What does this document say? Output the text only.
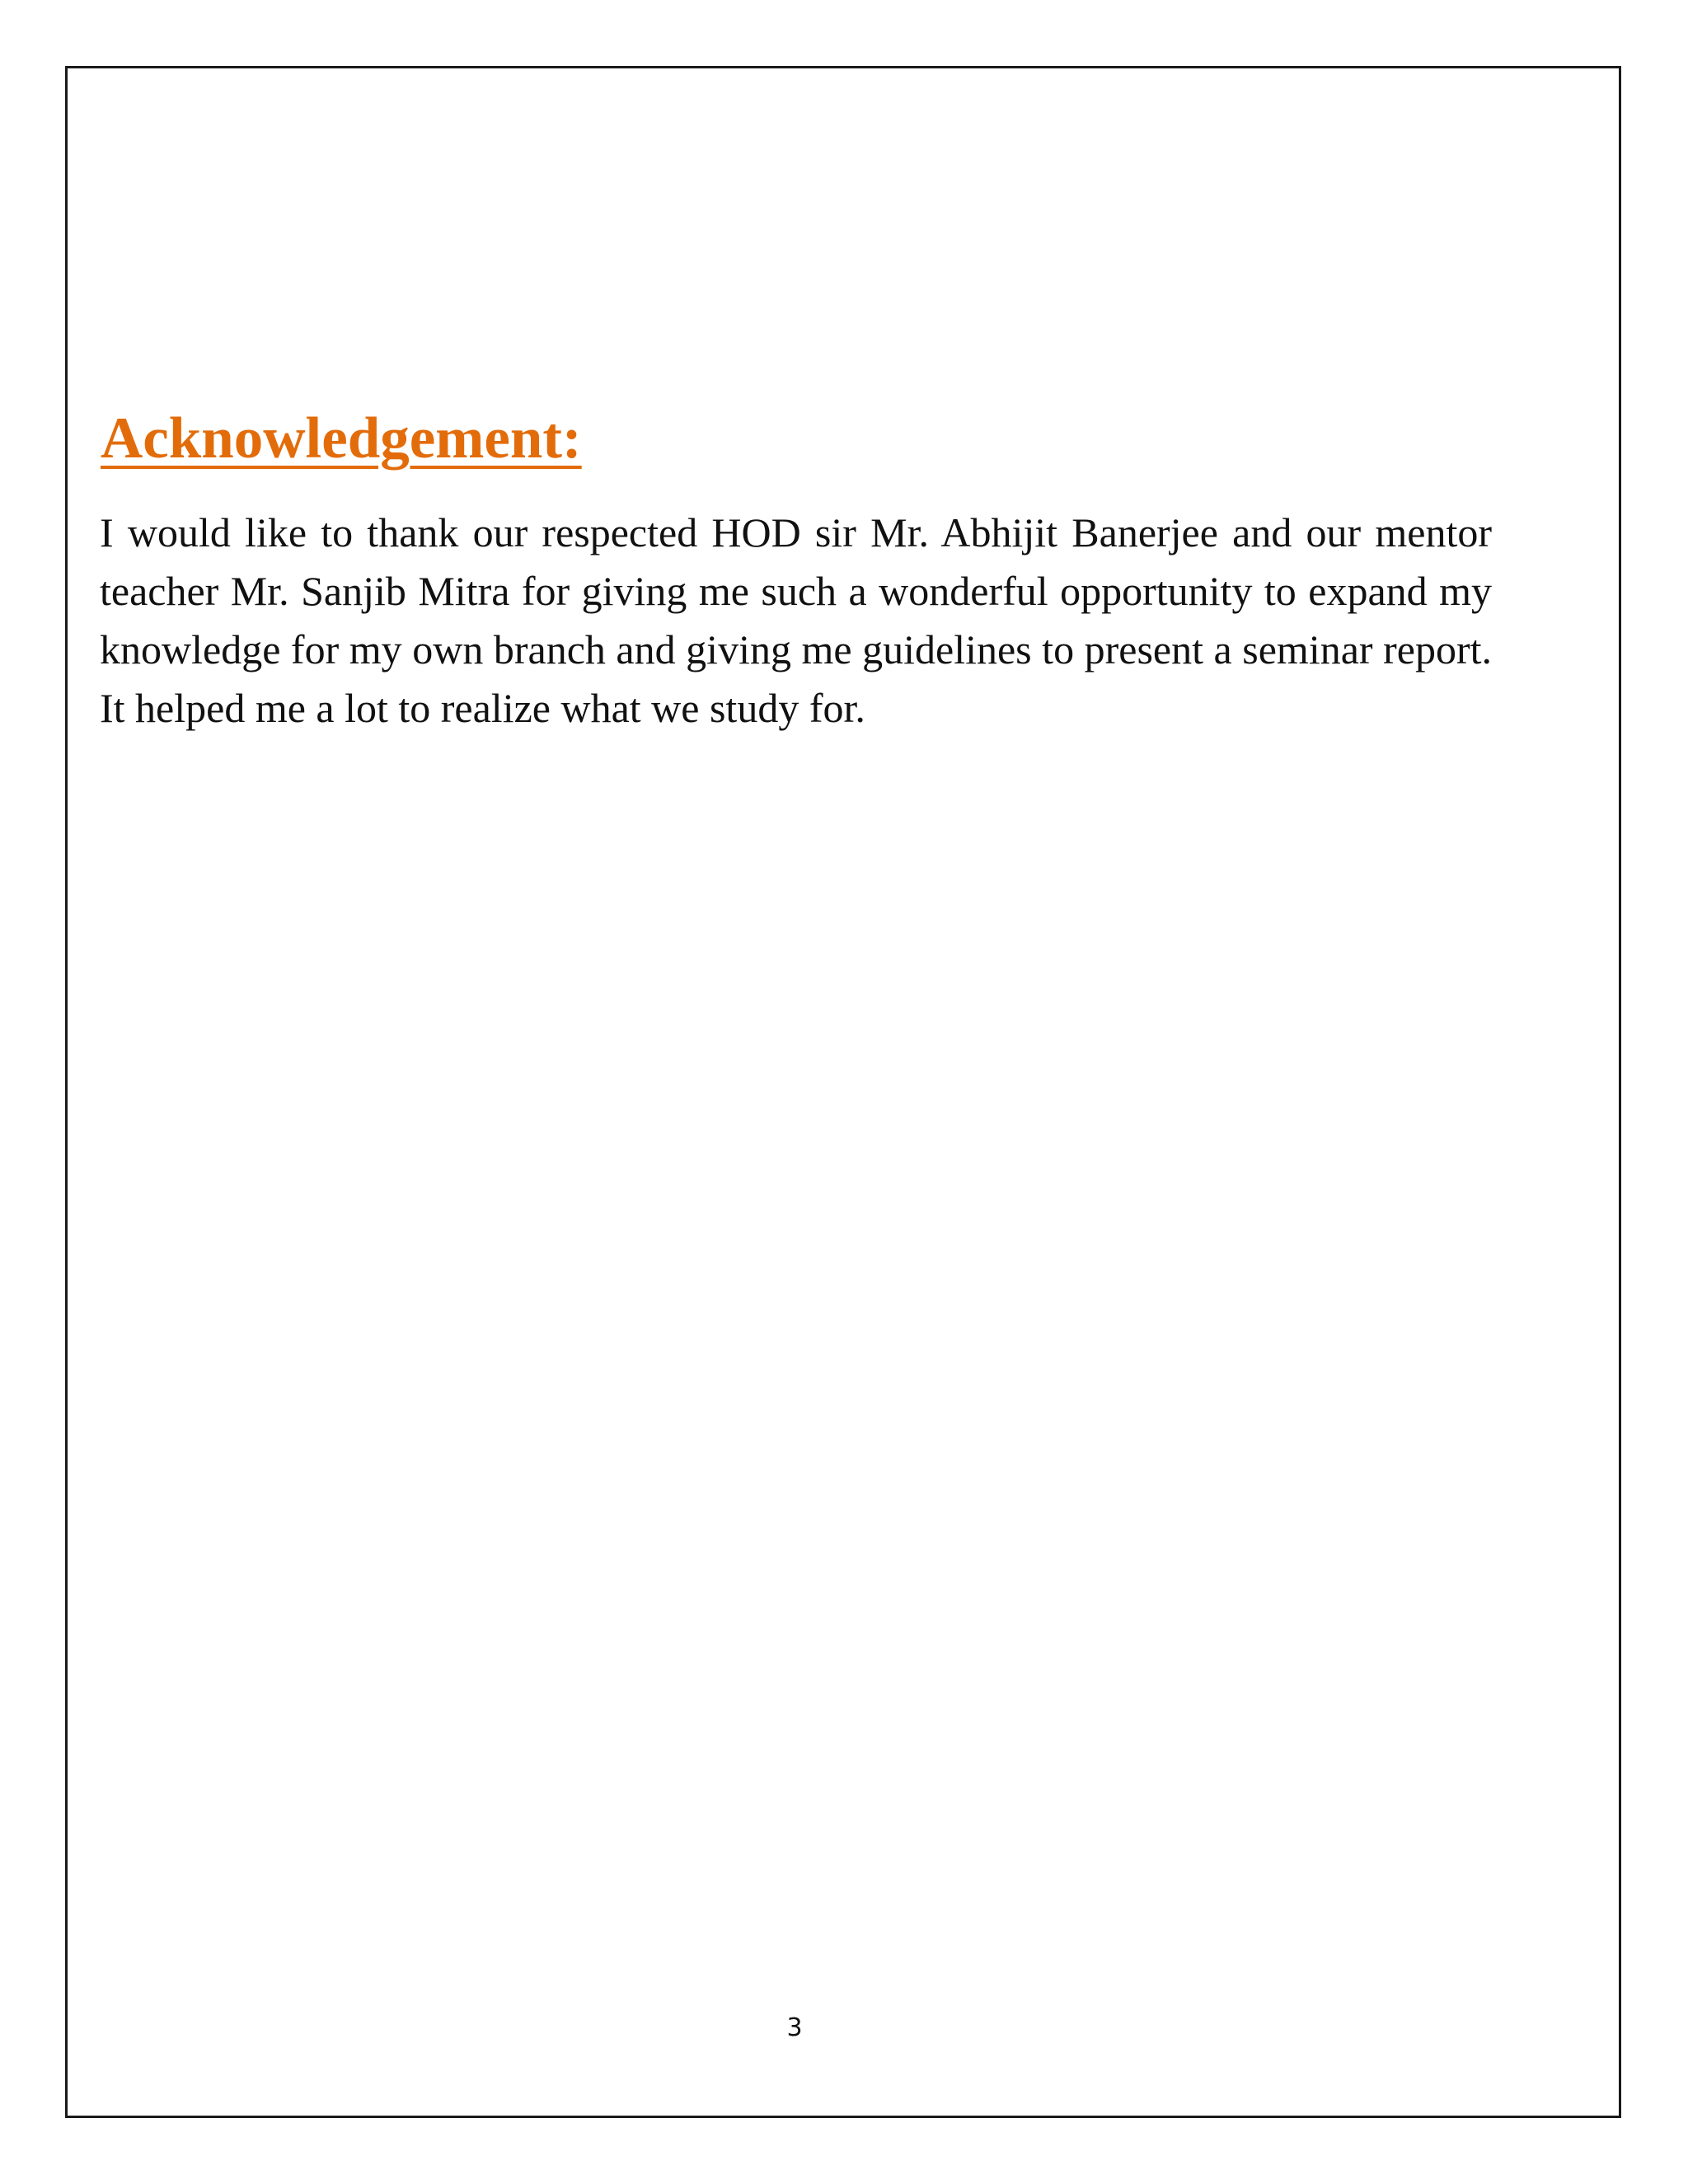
Acknowledgement:

I would like to thank our respected HOD sir Mr. Abhijit Banerjee and our mentor teacher Mr. Sanjib Mitra for giving me such a wonderful opportunity to expand my knowledge for my own branch and giving me guidelines to present a seminar report. It helped me a lot to realize what we study for.

3
